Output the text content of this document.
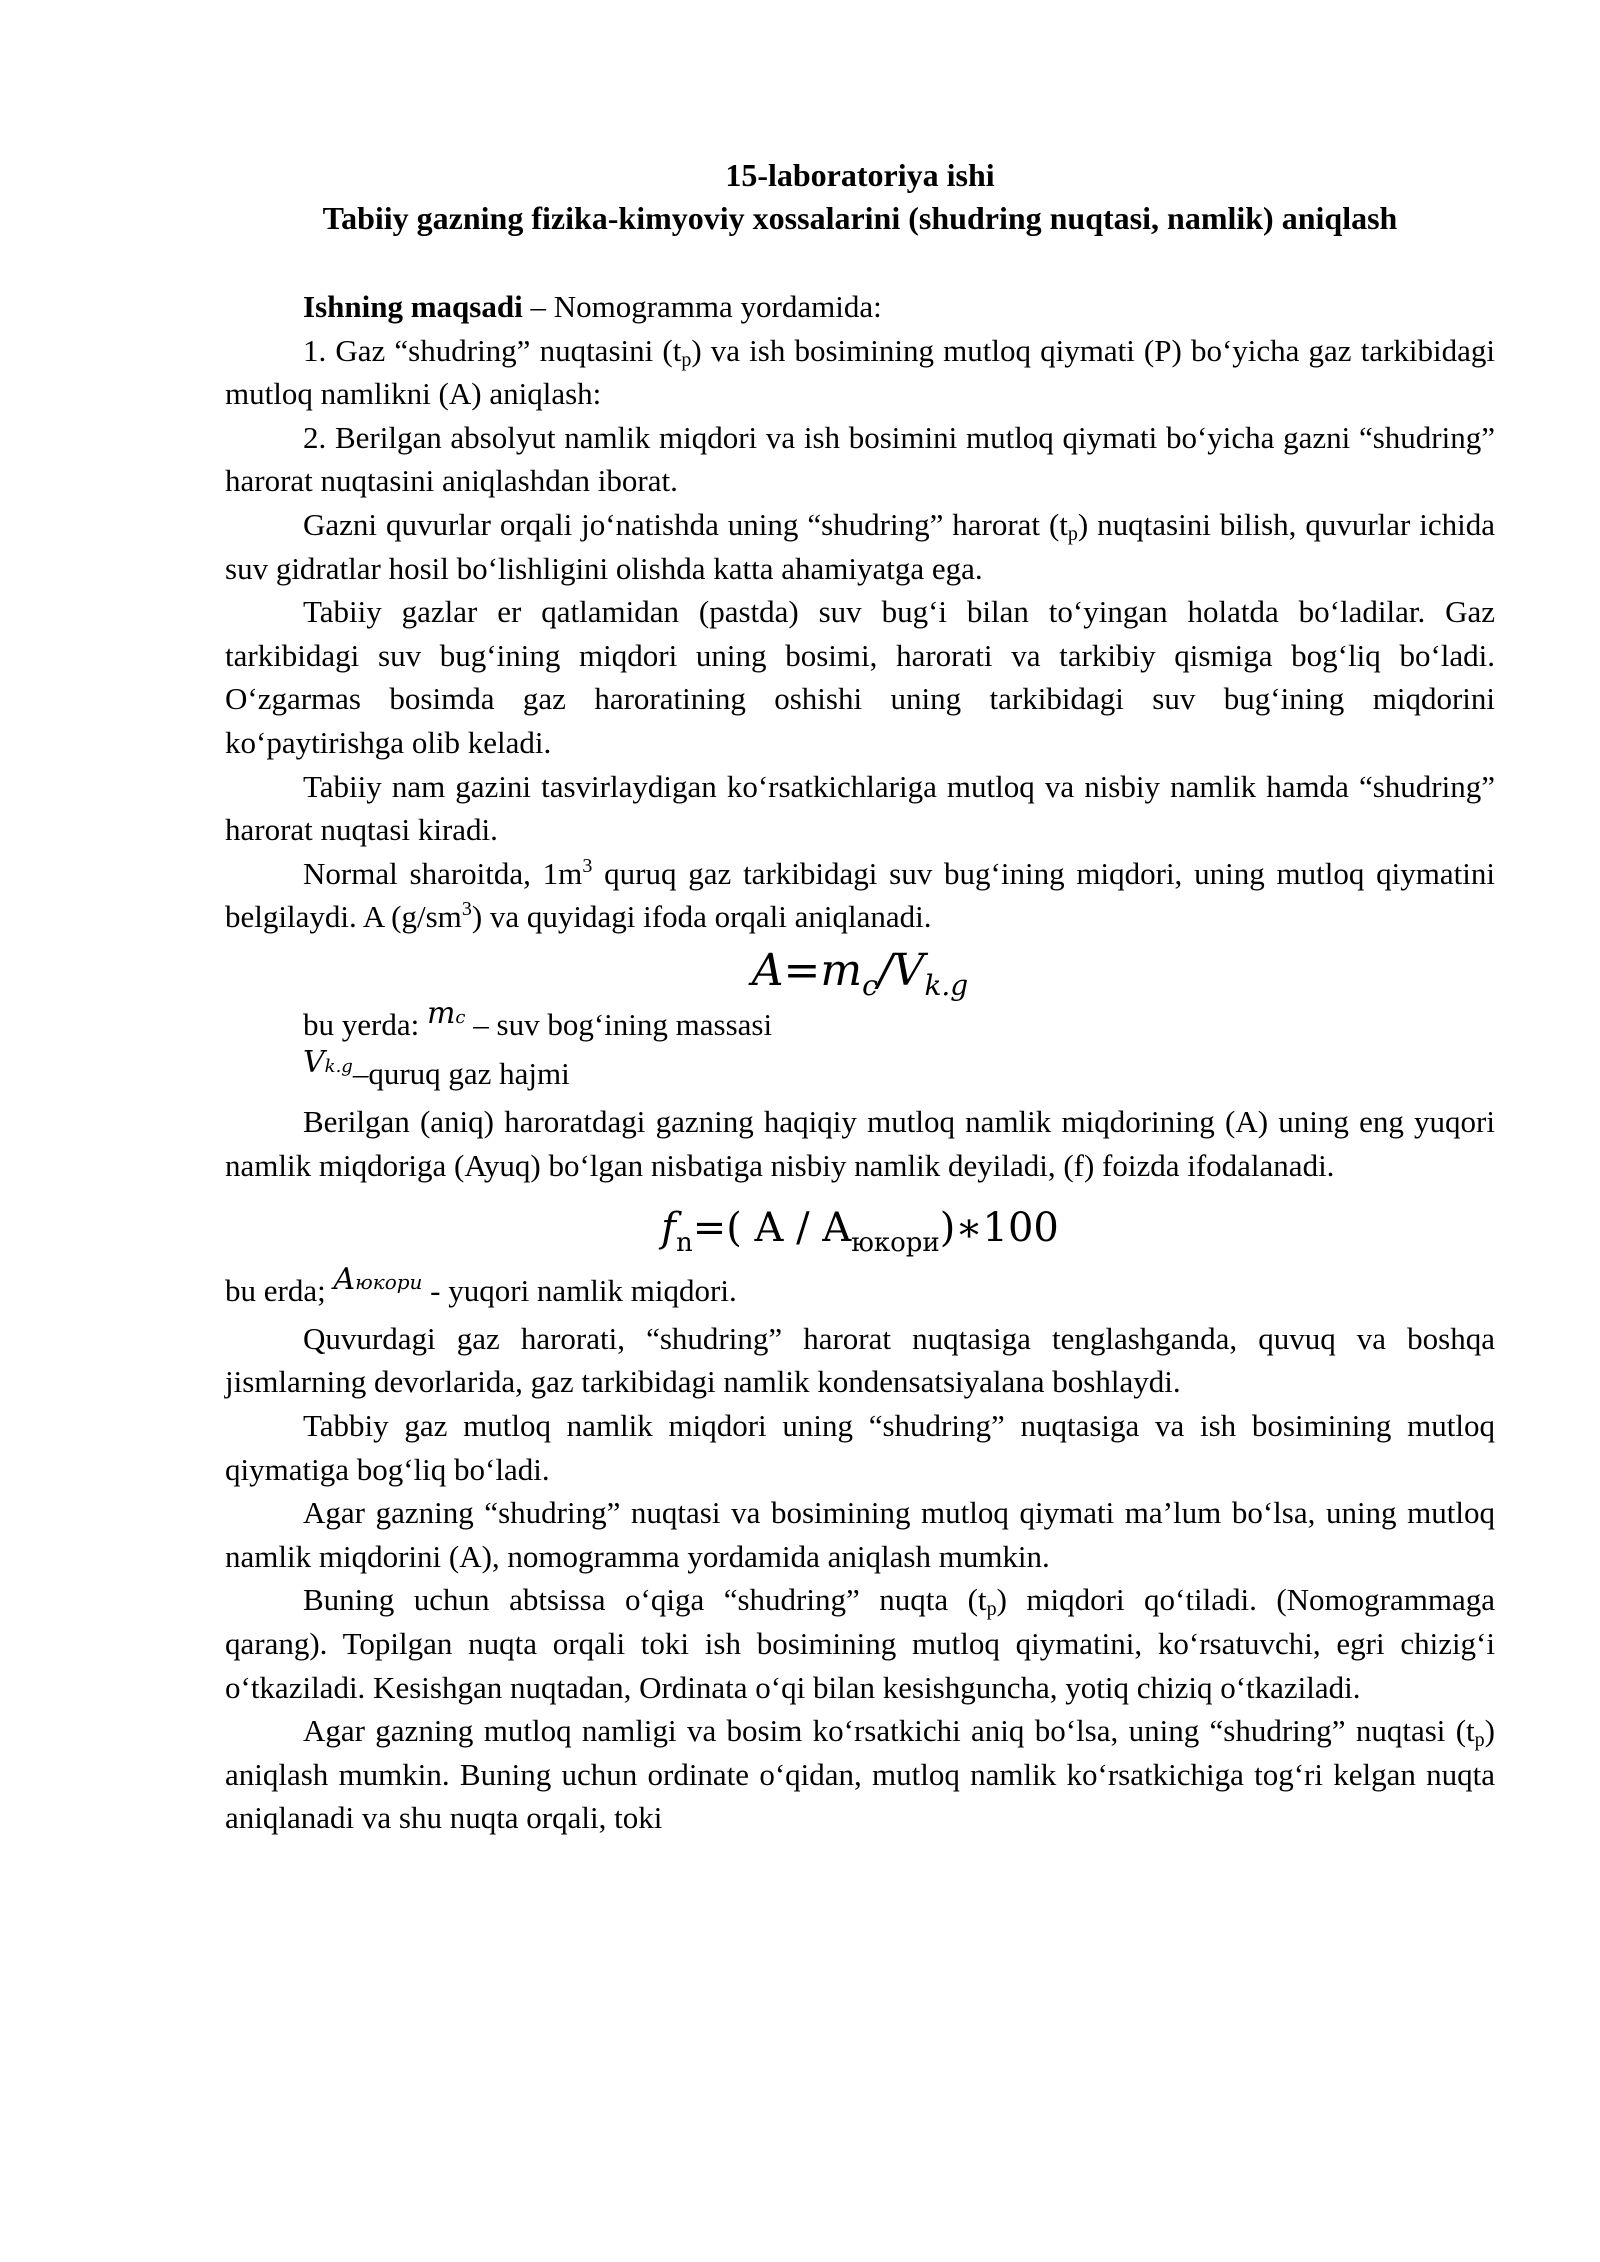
15-laboratoriya ishi
Tabiiy gazning fizika-kimyoviy xossalarini (shudring nuqtasi, namlik) aniqlash

Ishning maqsadi – Nomogramma yordamida:

1. Gaz “shudring” nuqtasini $(t_p)$ va ish bosimining mutloq qiymati (P) bo‘yicha gaz tarkibidagi mutloq namlikni (A) aniqlash:

2. Berilgan absolyut namlik miqdori va ish bosimini mutloq qiymati bo‘yicha gazni “shudring” harorat nuqtasini aniqlashdan iborat.

Gazni quvurlar orqali jo‘natishda uning “shudring” harorat $(t_p)$ nuqtasini bilish, quvurlar ichida suv gidratlar hosil bo‘lishligini olishda katta ahamiyatga ega.

Tabiiy gazlar er qatlamidan (pastda) suv bug‘i bilan to‘yingan holatda bo‘ladilar. Gaz tarkibidagi suv bug‘ining miqdori uning bosimi, harorati va tarkibiy qismiga bog‘liq bo‘ladi. O‘zgarmas bosimda gaz haroratining oshishi uning tarkibidagi suv bug‘ining miqdorini ko‘paytirishga olib keladi.

Tabiiy nam gazini tasvirlaydigan ko‘rsatkichlariga mutloq va nisbiy namlik hamda “shudring” harorat nuqtasi kiradi.

Normal sharoitda, $1m^3$ quruq gaz tarkibidagi suv bug‘ining miqdori, uning mutloq qiymatini belgilaydi. A $(g/sm^3)$ va quyidagi ifoda orqali aniqlanadi.

$A=m_c/V_{k.g}$

bu yerda: mc – suv bog‘ining massasi

Vk.g–quruq gaz hajmi

Berilgan (aniq) haroratdagi gazning haqiqiy mutloq namlik miqdorining (A) uning eng yuqori namlik miqdoriga (Ayuq) bo‘lgan nisbatiga nisbiy namlik deyiladi, (f) foizda ifodalanadi.

$f_n=$( A / $A_{юкори})∗100$

bu erda; Aюкори - yuqori namlik miqdori.

Quvurdagi gaz harorati, “shudring” harorat nuqtasiga tenglashganda, quvuq va boshqa jismlarning devorlarida, gaz tarkibidagi namlik kondensatsiyalana boshlaydi.

Tabbiy gaz mutloq namlik miqdori uning “shudring” nuqtasiga va ish bosimining mutloq qiymatiga bog‘liq bo‘ladi.

Agar gazning “shudring” nuqtasi va bosimining mutloq qiymati ma’lum bo‘lsa, uning mutloq namlik miqdorini (A), nomogramma yordamida aniqlash mumkin.

Buning uchun abtsissa o‘qiga “shudring” nuqta $(t_p)$ miqdori qo‘tiladi. (Nomogrammaga qarang). Topilgan nuqta orqali toki ish bosimining mutloq qiymatini, ko‘rsatuvchi, egri chizig‘i o‘tkaziladi. Kesishgan nuqtadan, Ordinata o‘qi bilan kesishguncha, yotiq chiziq o‘tkaziladi.

Agar gazning mutloq namligi va bosim ko‘rsatkichi aniq bo‘lsa, uning “shudring” nuqtasi $(t_p)$ aniqlash mumkin. Buning uchun ordinate o‘qidan, mutloq namlik ko‘rsatkichiga tog‘ri kelgan nuqta aniqlanadi va shu nuqta orqali, toki
